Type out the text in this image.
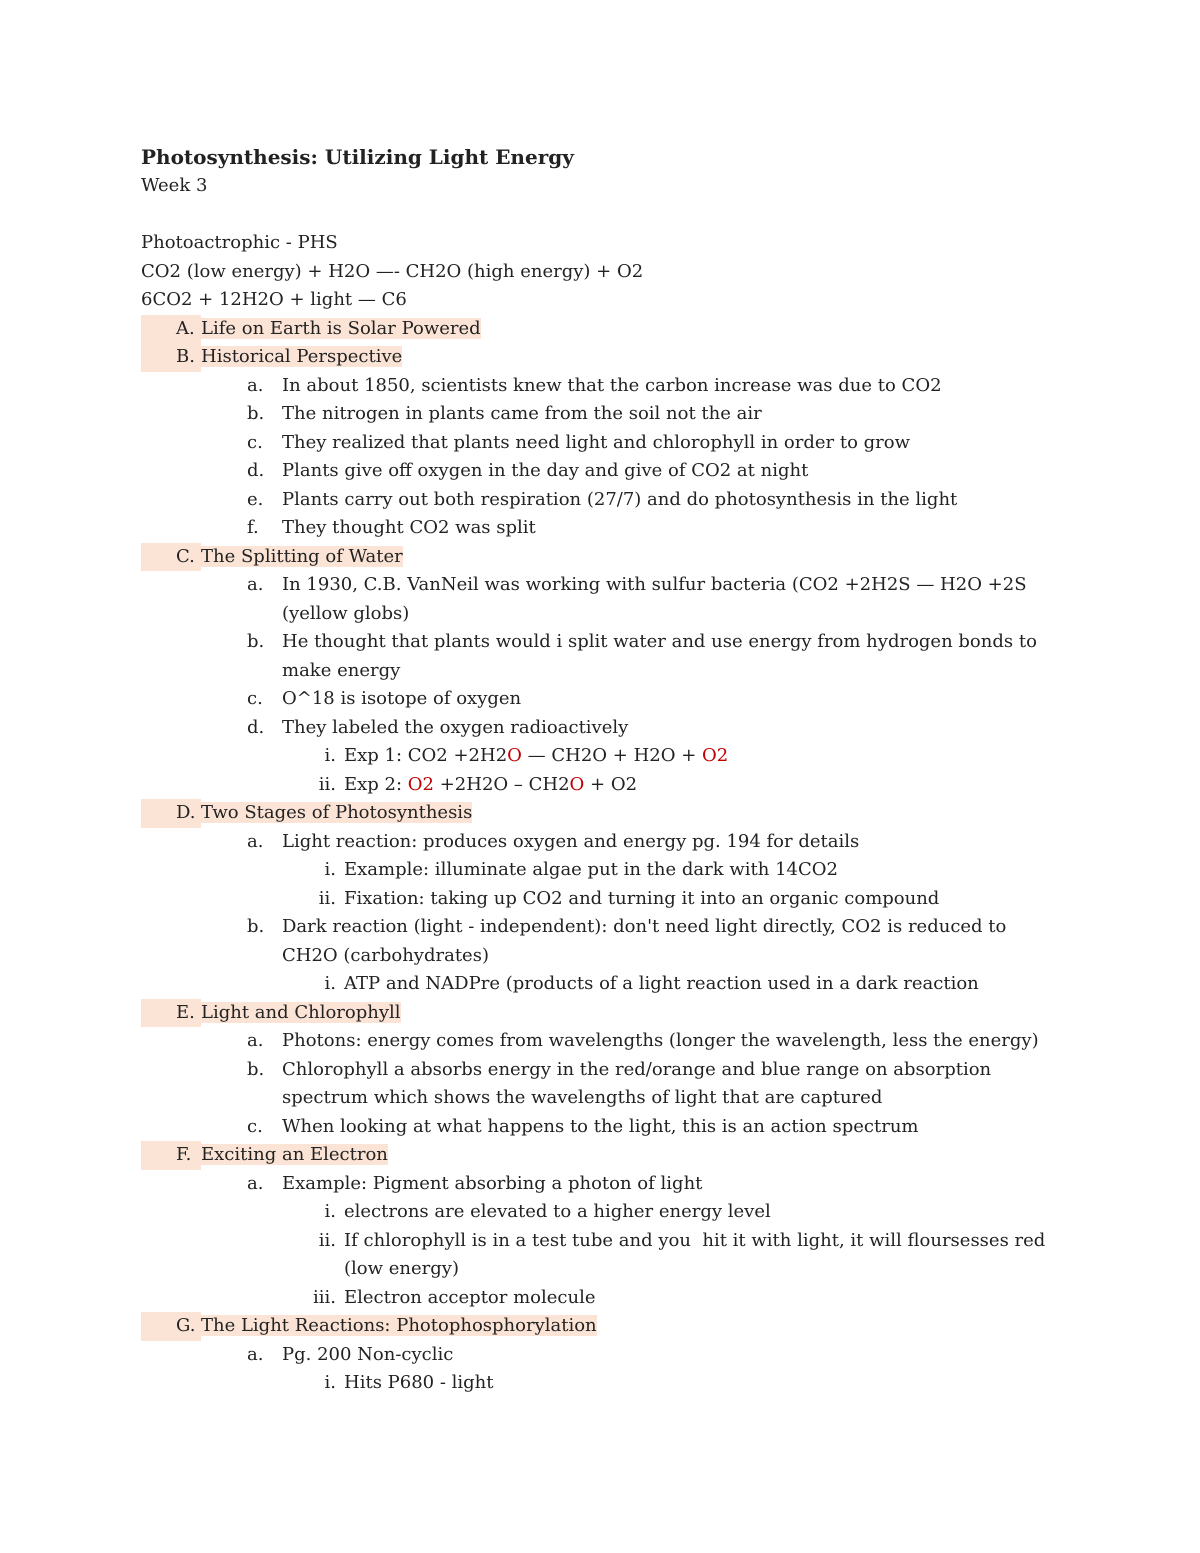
Photosynthesis: Utilizing Light Energy

Week 3

Photoactrophic - PHS

CO2 (low energy) + H2O —- CH2O (high energy) + O2

6CO2 + 12H2O + light — C6

A. Life on Earth is Solar Powered
B. Historical Perspective
a.	In about 1850, scientists knew that the carbon increase was due to CO2
b. The nitrogen in plants came from the soil not the air
c.	They realized that plants need light and chlorophyll in order to grow
d. Plants give off oxygen in the day and give of CO2 at night
e.	Plants carry out both respiration (27/7) and do photosynthesis in the light
f.	They thought CO2 was split
C. The Splitting of Water
a.	In 1930, C.B. VanNeil was working with sulfur bacteria (CO2 +2H2S — H2O +2S (yellow globs)
b. He thought that plants would i split water and use energy from hydrogen bonds to make energy
c.	O^18 is isotope of oxygen
d. They labeled the oxygen radioactively
i. Exp 1: CO2 +2H2O — CH2O + H2O + O2
ii. Exp 2: O2 +2H2O – CH2O + O2
D. Two Stages of Photosynthesis
a.	Light reaction: produces oxygen and energy pg. 194 for details
i. Example: illuminate algae put in the dark with 14CO2
ii. Fixation: taking up CO2 and turning it into an organic compound
b. Dark reaction (light - independent): don't need light directly, CO2 is reduced to CH2O (carbohydrates)
i. ATP and NADPre (products of a light reaction used in a dark reaction
E. Light and Chlorophyll
a.	Photons: energy comes from wavelengths (longer the wavelength, less the energy)
b. Chlorophyll a absorbs energy in the red/orange and blue range on absorption spectrum which shows the wavelengths of light that are captured
c.	When looking at what happens to the light, this is an action spectrum
F. Exciting an Electron
a.	Example: Pigment absorbing a photon of light
i. electrons are elevated to a higher energy level
ii. If chlorophyll is in a test tube and you  hit it with light, it will floursesses red (low energy)
iii. Electron acceptor molecule
G. The Light Reactions: Photophosphorylation
a.	Pg. 200 Non-cyclic
i. Hits P680 - light
